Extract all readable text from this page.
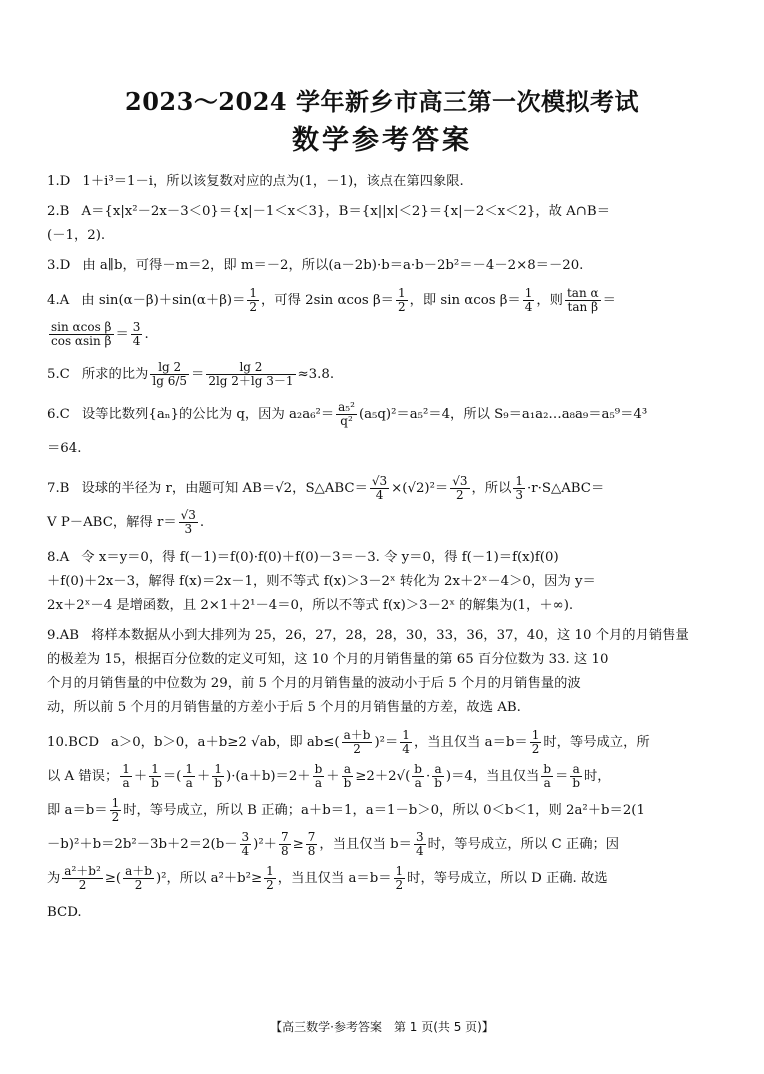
2023～2024 学年新乡市高三第一次模拟考试
数学参考答案
1.D 1＋i³＝1－i，所以该复数对应的点为(1，－1)，该点在第四象限.
2.B A＝{x|x²－2x－3＜0}＝{x|－1＜x＜3}，B＝{x||x|＜2}＝{x|－2＜x＜2}，故 A∩B＝
(－1，2).
3.D 由 a∥b，可得－m＝2，即 m＝－2，所以(a－2b)·b＝a·b－2b²＝－4－2×8＝－20.
4.A 由 $\sin(\alpha-\beta)+\sin(\alpha+\beta)= \frac{1}{2}$ ，可得 2sin αcos $\beta= \frac{1}{2}$ ，即 sin αcos $\beta= \frac{1}{4}$ ，则 $\frac{\text{tan α}}{\text{tan β}}$ ＝

$\frac{\text{sin αcos β}}{\text{cos αsin β}} = \frac{3}{4}$ .
5.C 所求的比为 $\frac{\lg 2}{\lg 6/5} = \frac{\lg 2}{2\lg 2+\lg 3-1} \approx 3.8$.
6.C 设等比数列{aₙ}的公比为 q，因为 $a_2a_6^2= \frac{\text{a₅²}}{\text{q²}} (a_5q)^2=a_5^2=4$，所以 S₉＝a₁a₂…a₈a₉＝a₅⁹＝4³
＝64.
7.B 设球的半径为 r，由题可知 AB＝√2，S△ABC＝ $\frac{√3}{4} \times(√2)^2= \frac{√3}{2}$ ，所以 $\frac{1}{3}$ ·r·S△ABC＝
V P－ABC，解得 $r= \frac{√3}{3}$ .
8.A 令 x＝y＝0，得 f(－1)＝f(0)·f(0)＋f(0)－3＝－3. 令 y＝0，得 f(－1)＝f(x)f(0)
＋f(0)＋2x－3，解得 f(x)＝2x－1，则不等式 f(x)＞3－2ˣ 转化为 2x＋2ˣ－4＞0，因为 y＝
2x＋2ˣ－4 是增函数，且 2×1＋2¹－4＝0，所以不等式 f(x)＞3－2ˣ 的解集为(1，＋∞).
9.AB 将样本数据从小到大排列为 25，26，27，28，28，30，33，36，37，40，这 10 个月的月销售量
的极差为 15，根据百分位数的定义可知，这 10 个月的月销售量的第 65 百分位数为 33. 这 10
个月的月销售量的中位数为 29，前 5 个月的月销售量的波动小于后 5 个月的月销售量的波
动，所以前 5 个月的月销售量的方差小于后 5 个月的月销售量的方差，故选 AB.
10.BCD a＞0，b＞0，a＋b≥2 √ab，即 $ab\le( \frac{a+b}{2} )^2= \frac{1}{4}$ ，当且仅当 $a=b= \frac{1}{2}$ 时，等号成立，所
以 A 错误； $\frac{1}{a} + \frac{1}{b}$ ＝( $\frac{1}{a} + \frac{1}{b} )\cdot(a+b)=2+ \frac{b}{a} + \frac{a}{b} \ge 2+2√( \frac{b}{a} \cdot \frac{a}{b} )=4$，当且仅当 $\frac{b}{a} = \frac{a}{b}$ 时，
即 $a=b= \frac{1}{2}$ 时，等号成立，所以 B 正确；a＋b＝1，a＝1－b＞0，所以 0＜b＜1，则 2a²＋b＝2(1
$-b)^2+b=2b^2-3b+2=2(b- \frac{3}{4} )^2+ \frac{7}{8} \ge \frac{7}{8}$ ，当且仅当 $b= \frac{3}{4}$ 时，等号成立，所以 C 正确；因
为 $\frac{\text{a²＋b²}}{2}$ ≥( $\frac{a+b}{2} )^2$，所以 $a^2+b^2\ge \frac{1}{2}$ ，当且仅当 $a=b= \frac{1}{2}$ 时，等号成立，所以 D 正确. 故选
BCD.
【高三数学·参考答案　第 1 页(共 5 页)】
